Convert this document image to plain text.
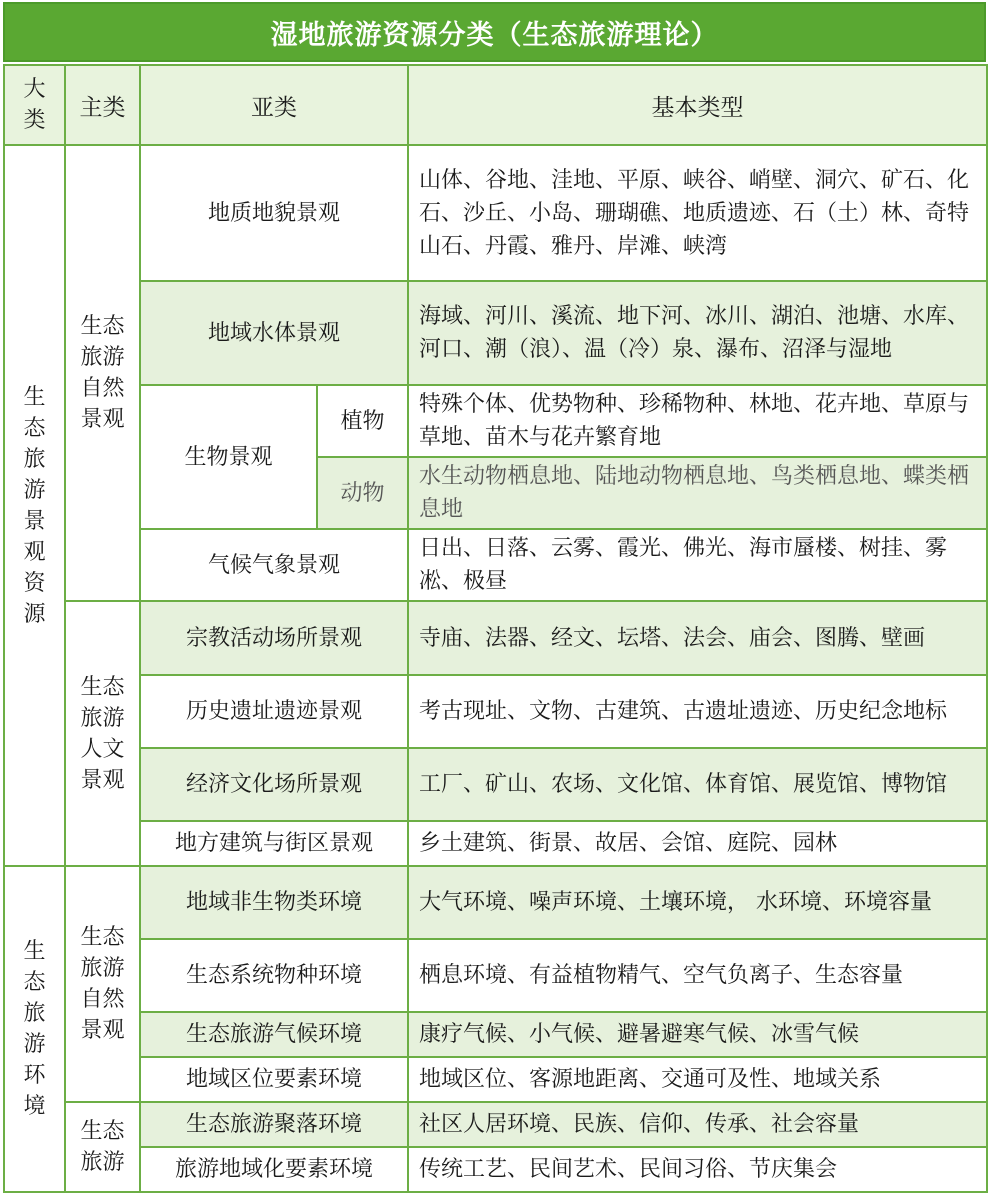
湿地旅游资源分类（生态旅游理论）
大类	主类	亚类		基本类型
生态旅游景观资源	生态旅游自然景观	地质地貌景观		山体、谷地、洼地、平原、峡谷、峭壁、洞穴、矿石、化石、沙丘、小岛、珊瑚礁、地质遗迹、石（土）林、奇特山石、丹霞、雅丹、岸滩、峡湾
		地域水体景观		海域、河川、溪流、地下河、冰川、湖泊、池塘、水库、河口、潮（浪）、温（冷）泉、瀑布、沼泽与湿地
		生物景观	植物	特殊个体、优势物种、珍稀物种、林地、花卉地、草原与草地、苗木与花卉繁育地
			动物	水生动物栖息地、陆地动物栖息地、鸟类栖息地、蝶类栖息地
		气候气象景观		日出、日落、云雾、霞光、佛光、海市蜃楼、树挂、雾凇、极昼
	生态旅游人文景观	宗教活动场所景观		寺庙、法器、经文、坛塔、法会、庙会、图腾、壁画
		历史遗址遗迹景观		考古现址、文物、古建筑、古遗址遗迹、历史纪念地标
		经济文化场所景观		工厂、矿山、农场、文化馆、体育馆、展览馆、博物馆
		地方建筑与街区景观		乡土建筑、街景、故居、会馆、庭院、园林
生态旅游环境	生态旅游自然景观	地域非生物类环境		大气环境、噪声环境、土壤环境， 水环境、环境容量
		生态系统物种环境		栖息环境、有益植物精气、空气负离子、生态容量
		生态旅游气候环境		康疗气候、小气候、避暑避寒气候、冰雪气候
		地域区位要素环境		地域区位、客源地距离、交通可及性、地域关系
	生态旅游	生态旅游聚落环境		社区人居环境、民族、信仰、传承、社会容量
		旅游地域化要素环境		传统工艺、民间艺术、民间习俗、节庆集会
